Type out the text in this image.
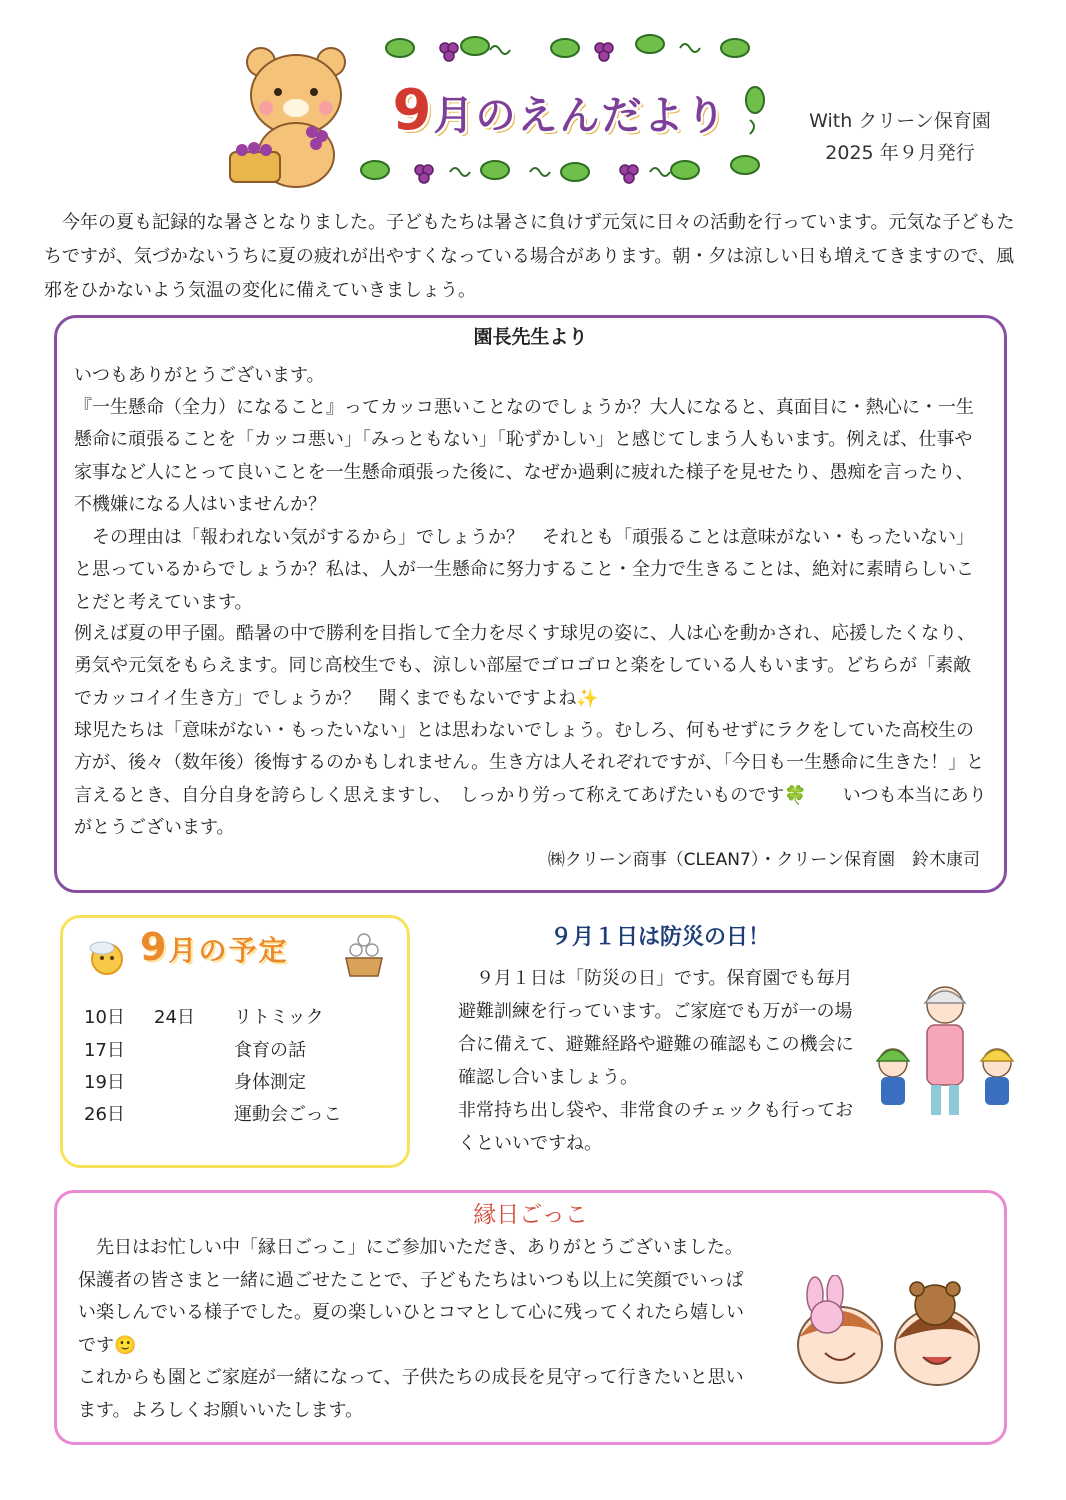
9月のえんだより	With クリーン保育園
2025 年９月発行
今年の夏も記録的な暑さとなりました。子どもたちは暑さに負けず元気に日々の活動を行っています。元気な子どもたちですが、気づかないうちに夏の疲れが出やすくなっている場合があります。朝・夕は涼しい日も増えてきますので、風邪をひかないよう気温の変化に備えていきましょう。
園長先生より
いつもありがとうございます。
『一生懸命（全力）になること』ってカッコ悪いことなのでしょうか？大人になると、真面目に・熱心に・一生懸命に頑張ることを「カッコ悪い」「みっともない」「恥ずかしい」と感じてしまう人もいます。例えば、仕事や家事など人にとって良いことを一生懸命頑張った後に、なぜか過剰に疲れた様子を見せたり、愚痴を言ったり、不機嫌になる人はいませんか？
　その理由は「報われない気がするから」でしょうか？　それとも「頑張ることは意味がない・もったいない」と思っているからでしょうか？私は、人が一生懸命に努力すること・全力で生きることは、絶対に素晴らしいことだと考えています。
例えば夏の甲子園。酷暑の中で勝利を目指して全力を尽くす球児の姿に、人は心を動かされ、応援したくなり、勇気や元気をもらえます。同じ高校生でも、涼しい部屋でゴロゴロと楽をしている人もいます。どちらが「素敵でカッコイイ生き方」でしょうか？　聞くまでもないですよね✨
球児たちは「意味がない・もったいない」とは思わないでしょう。むしろ、何もせずにラクをしていた高校生の方が、後々（数年後）後悔するのかもしれません。生き方は人それぞれですが、「今日も一生懸命に生きた！」と言えるとき、自分自身を誇らしく思えますし、　しっかり労って称えてあげたいものです🍀　　いつも本当にありがとうございます。
㈱クリーン商事（CLEAN7）・クリーン保育園　鈴木康司
9月の予定
10日 24日 リトミック
17日	食育の話
19日	身体測定
26日	運動会ごっこ
９月１日は防災の日！
　９月１日は「防災の日」です。保育園でも毎月避難訓練を行っています。ご家庭でも万が一の場合に備えて、避難経路や避難の確認もこの機会に確認し合いましょう。
非常持ち出し袋や、非常食のチェックも行っておくといいですね。
縁日ごっこ
　先日はお忙しい中「縁日ごっこ」にご参加いただき、ありがとうございました。保護者の皆さまと一緒に過ごせたことで、子どもたちはいつも以上に笑顔でいっぱい楽しんでいる様子でした。夏の楽しいひとコマとして心に残ってくれたら嬉しいです🙂
これからも園とご家庭が一緒になって、子供たちの成長を見守って行きたいと思います。よろしくお願いいたします。
